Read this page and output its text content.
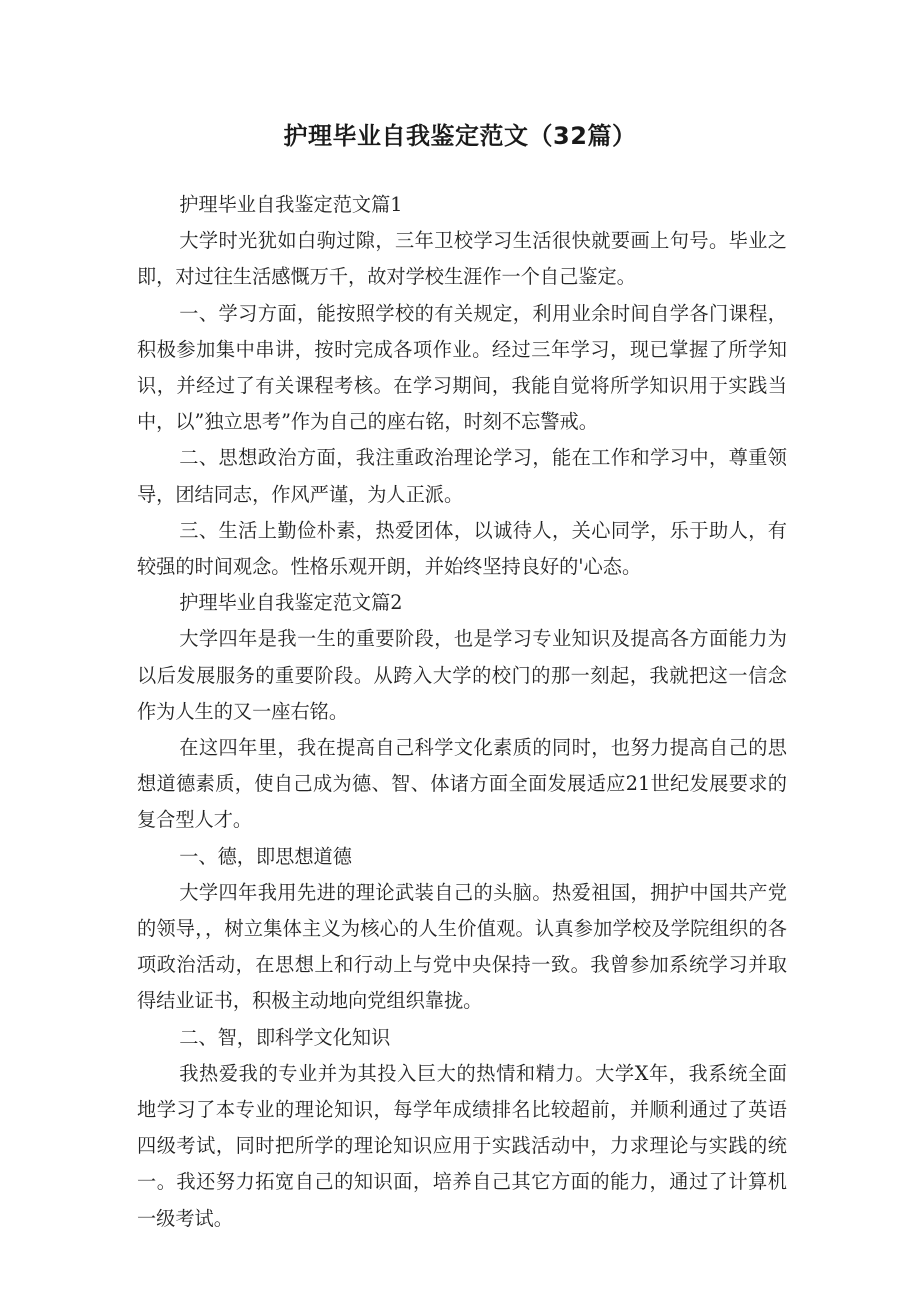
护理毕业自我鉴定范文（32篇）

护理毕业自我鉴定范文篇1

大学时光犹如白驹过隙，三年卫校学习生活很快就要画上句号。毕业之即，对过往生活感慨万千，故对学校生涯作一个自己鉴定。

一、学习方面，能按照学校的有关规定，利用业余时间自学各门课程，积极参加集中串讲，按时完成各项作业。经过三年学习，现已掌握了所学知识，并经过了有关课程考核。在学习期间，我能自觉将所学知识用于实践当中，以”独立思考”作为自己的座右铭，时刻不忘警戒。

二、思想政治方面，我注重政治理论学习，能在工作和学习中，尊重领导，团结同志，作风严谨，为人正派。

三、生活上勤俭朴素，热爱团体，以诚待人，关心同学，乐于助人，有较强的时间观念。性格乐观开朗，并始终坚持良好的'心态。

护理毕业自我鉴定范文篇2

大学四年是我一生的重要阶段，也是学习专业知识及提高各方面能力为以后发展服务的重要阶段。从跨入大学的校门的那一刻起，我就把这一信念作为人生的又一座右铭。

在这四年里，我在提高自己科学文化素质的同时，也努力提高自己的思想道德素质，使自己成为德、智、体诸方面全面发展适应21世纪发展要求的复合型人才。

一、德，即思想道德

大学四年我用先进的理论武装自己的头脑。热爱祖国，拥护中国共产党的领导，，树立集体主义为核心的人生价值观。认真参加学校及学院组织的各项政治活动，在思想上和行动上与党中央保持一致。我曾参加系统学习并取得结业证书，积极主动地向党组织靠拢。

二、智，即科学文化知识

我热爱我的专业并为其投入巨大的热情和精力。大学X年，我系统全面地学习了本专业的理论知识，每学年成绩排名比较超前，并顺利通过了英语四级考试，同时把所学的理论知识应用于实践活动中，力求理论与实践的统一。我还努力拓宽自己的知识面，培养自己其它方面的能力，通过了计算机一级考试。
